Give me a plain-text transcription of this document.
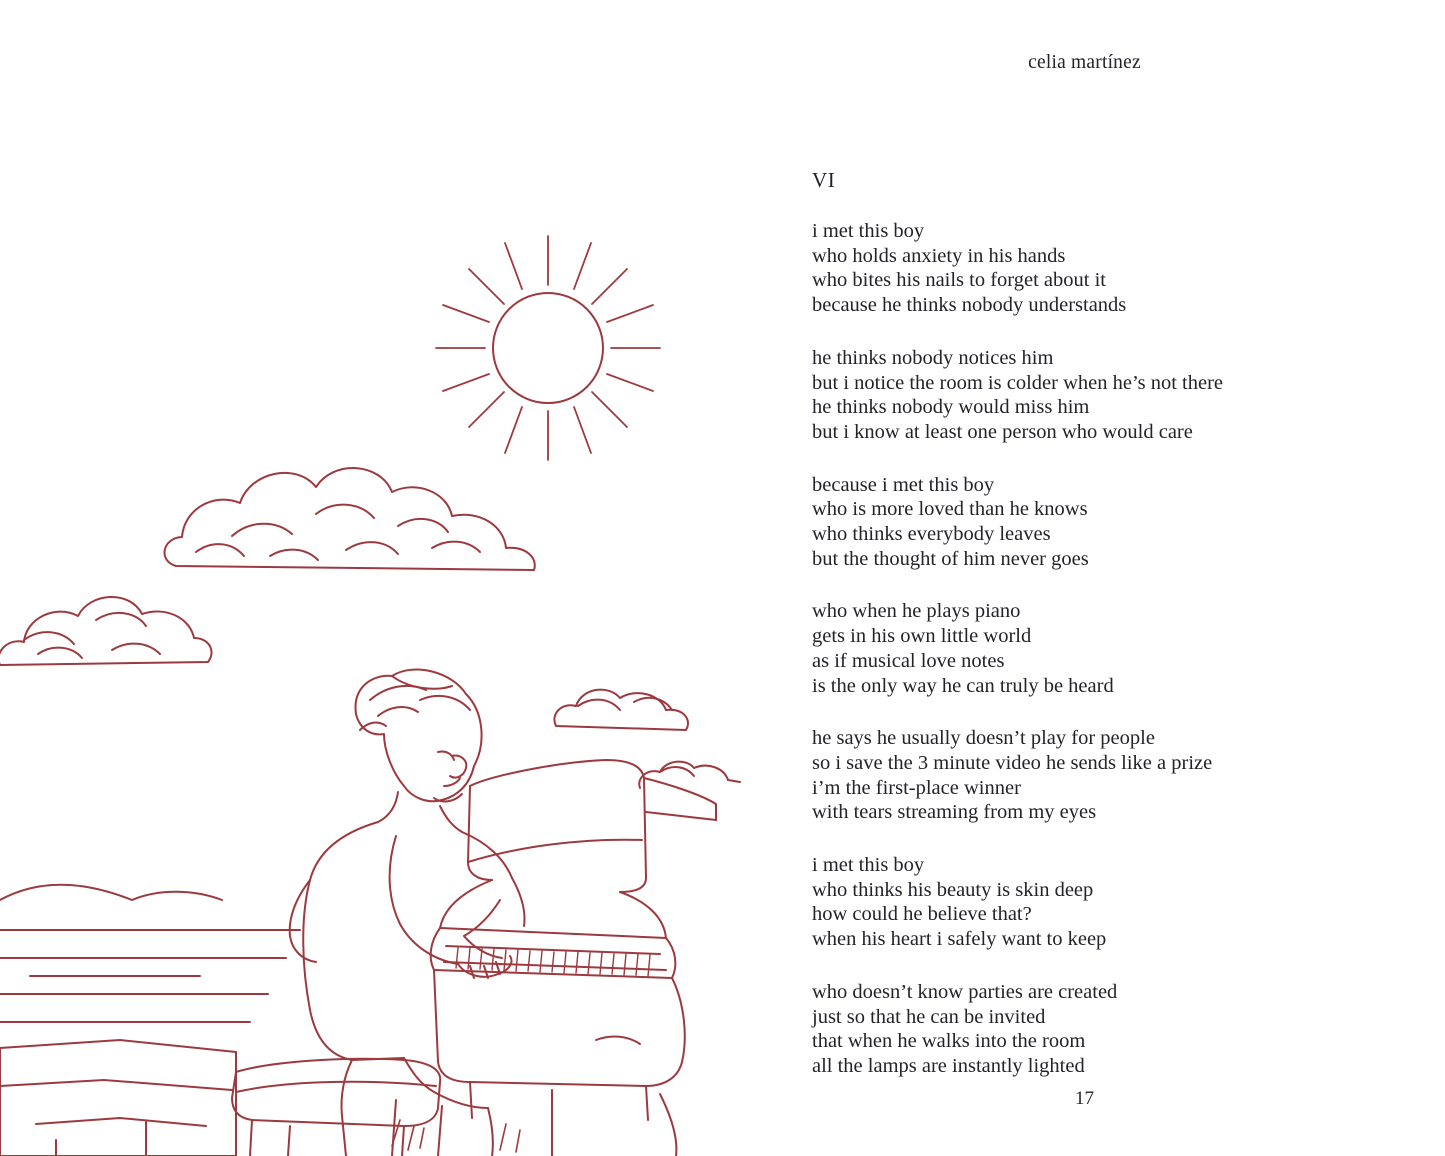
celia martínez
VI
i met this boy
who holds anxiety in his hands
who bites his nails to forget about it
because he thinks nobody understands
he thinks nobody notices him
but i notice the room is colder when he’s not there
he thinks nobody would miss him
but i know at least one person who would care
because i met this boy
who is more loved than he knows
who thinks everybody leaves
but the thought of him never goes
who when he plays piano
gets in his own little world
as if musical love notes
is the only way he can truly be heard
he says he usually doesn’t play for people
so i save the 3 minute video he sends like a prize
i’m the first-place winner
with tears streaming from my eyes
i met this boy
who thinks his beauty is skin deep
how could he believe that?
when his heart i safely want to keep
who doesn’t know parties are created
just so that he can be invited
that when he walks into the room
all the lamps are instantly lighted
17
